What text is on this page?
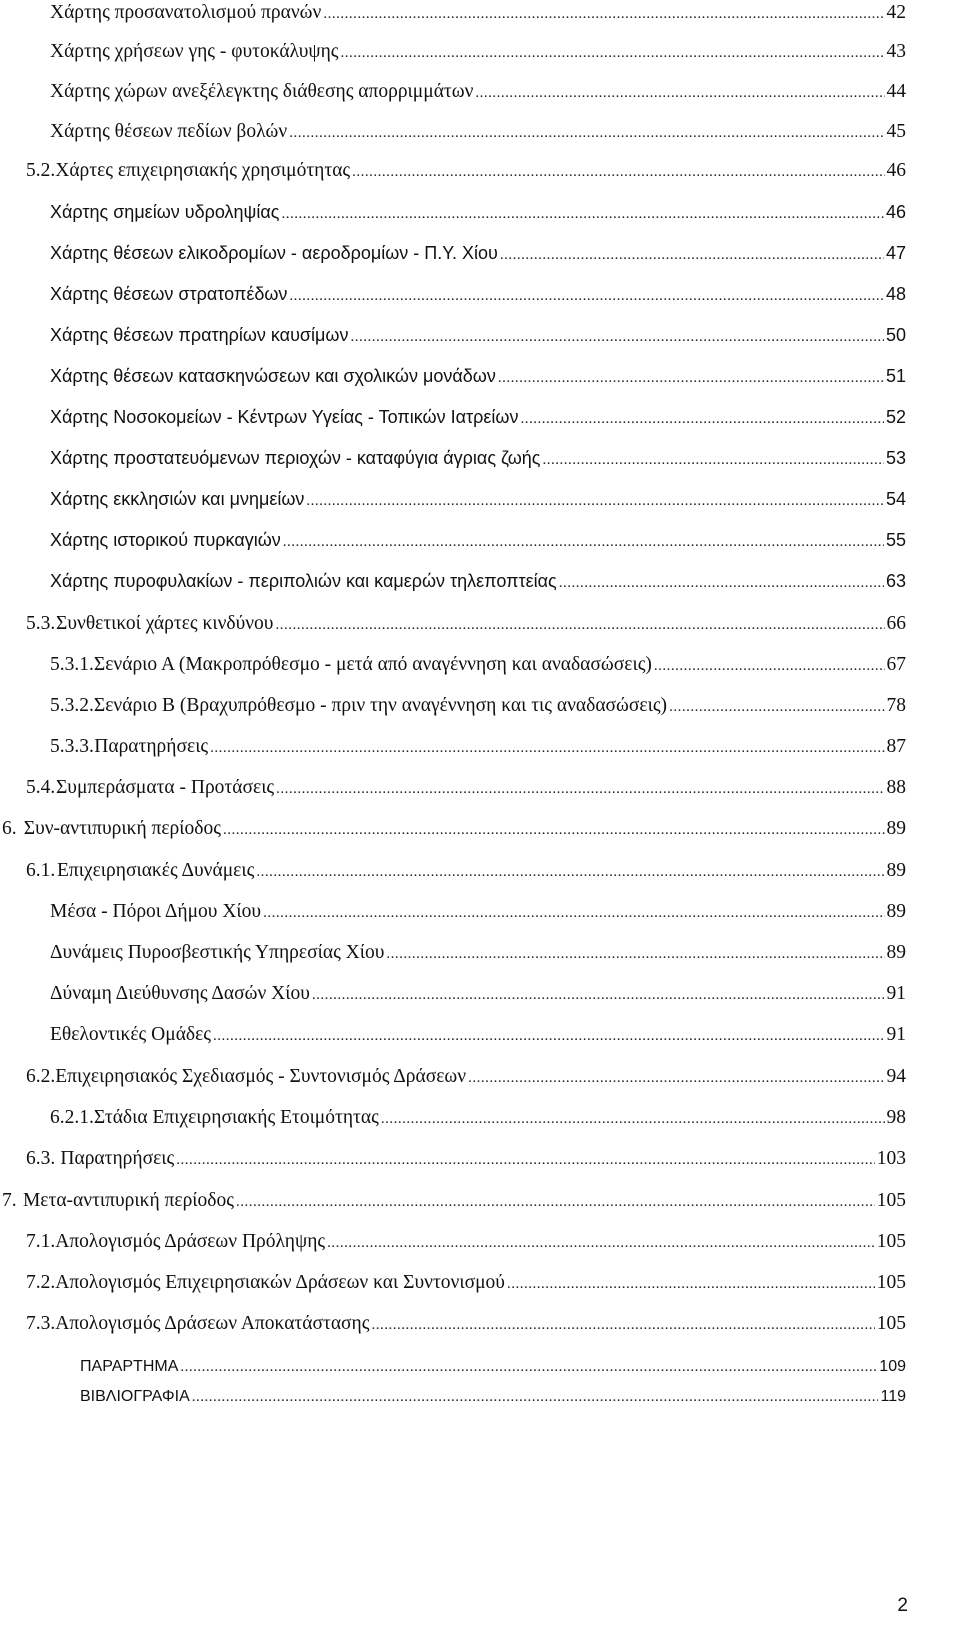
Χάρτης προσανατολισμού πρανών .....	42
Χάρτης χρήσεων γης - φυτοκάλυψης .....	43
Χάρτης χώρων ανεξέλεγκτης διάθεσης απορριμμάτων .....	44
Χάρτης θέσεων πεδίων βολών .....	45
5.2. Χάρτες επιχειρησιακής χρησιμότητας .....	46
Χάρτης σημείων υδροληψίας .....	46
Χάρτης θέσεων ελικοδρομίων - αεροδρομίων - Π.Υ. Χίου .....	47
Χάρτης θέσεων στρατοπέδων .....	48
Χάρτης θέσεων πρατηρίων καυσίμων .....	50
Χάρτης θέσεων κατασκηνώσεων και σχολικών μονάδων .....	51
Χάρτης Νοσοκομείων - Κέντρων Υγείας - Τοπικών Ιατρείων .....	52
Χάρτης προστατευόμενων περιοχών - καταφύγια άγριας ζωής .....	53
Χάρτης εκκλησιών και μνημείων .....	54
Χάρτης ιστορικού πυρκαγιών .....	55
Χάρτης πυροφυλακίων - περιπολιών και καμερών τηλεποπτείας .....	63
5.3. Συνθετικοί χάρτες κινδύνου .....	66
5.3.1. Σενάριο Α (Μακροπρόθεσμο - μετά από αναγέννηση και αναδασώσεις) .....	67
5.3.2. Σενάριο Β (Βραχυπρόθεσμο - πριν την αναγέννηση και τις αναδασώσεις) .....	78
5.3.3. Παρατηρήσεις .....	87
5.4. Συμπεράσματα - Προτάσεις .....	88
6. Συν-αντιπυρική περίοδος .....	89
6.1. Επιχειρησιακές Δυνάμεις .....	89
Μέσα - Πόροι Δήμου Χίου .....	89
Δυνάμεις Πυροσβεστικής Υπηρεσίας Χίου .....	89
Δύναμη Διεύθυνσης Δασών Χίου .....	91
Εθελοντικές Ομάδες .....	91
6.2. Επιχειρησιακός Σχεδιασμός - Συντονισμός Δράσεων .....	94
6.2.1. Στάδια Επιχειρησιακής Ετοιμότητας .....	98
6.3. Παρατηρήσεις .....	103
7. Μετα-αντιπυρική περίοδος .....	105
7.1. Απολογισμός Δράσεων Πρόληψης .....	105
7.2. Απολογισμός Επιχειρησιακών Δράσεων και Συντονισμού .....	105
7.3. Απολογισμός Δράσεων Αποκατάστασης .....	105
ΠΑΡΑΡΤΗΜΑ .....	109
ΒΙΒΛΙΟΓΡΑΦΙΑ .....	119
2
